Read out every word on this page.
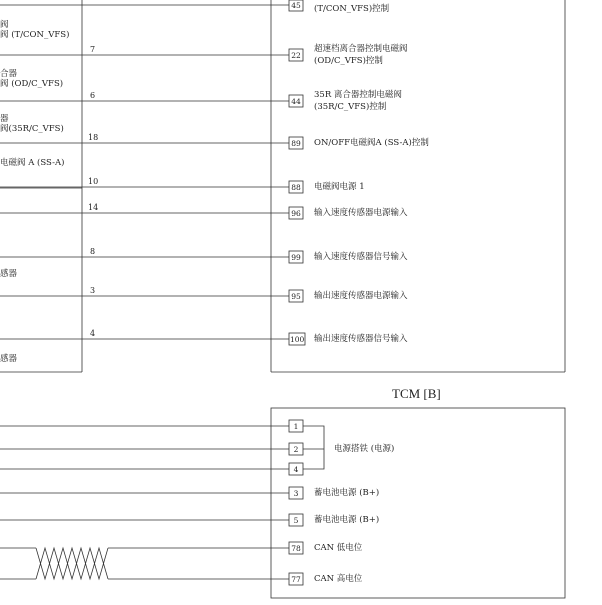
阀
阀 (T/CON_VFS)
合器
阀 (OD/C_VFS)
器
阀(35R/C_VFS)
电磁阀 A (SS-A)
感器
感器
7
6
18
10
14
8
3
4
45
22
44
89
88
96
99
95
100
(T/CON_VFS)控制
超速档离合器控制电磁阀
(OD/C_VFS)控制
35R 离合器控制电磁阀
(35R/C_VFS)控制
ON/OFF电磁阀A (SS-A)控制
电磁阀电源 1
输入速度传感器电源输入
输入速度传感器信号输入
输出速度传感器电源输入
输出速度传感器信号输入
TCM [B]
1
2
4
3
5
78
77
电源搭铁 (电源)
蓄电池电源 (B+)
蓄电池电源 (B+)
CAN 低电位
CAN 高电位
